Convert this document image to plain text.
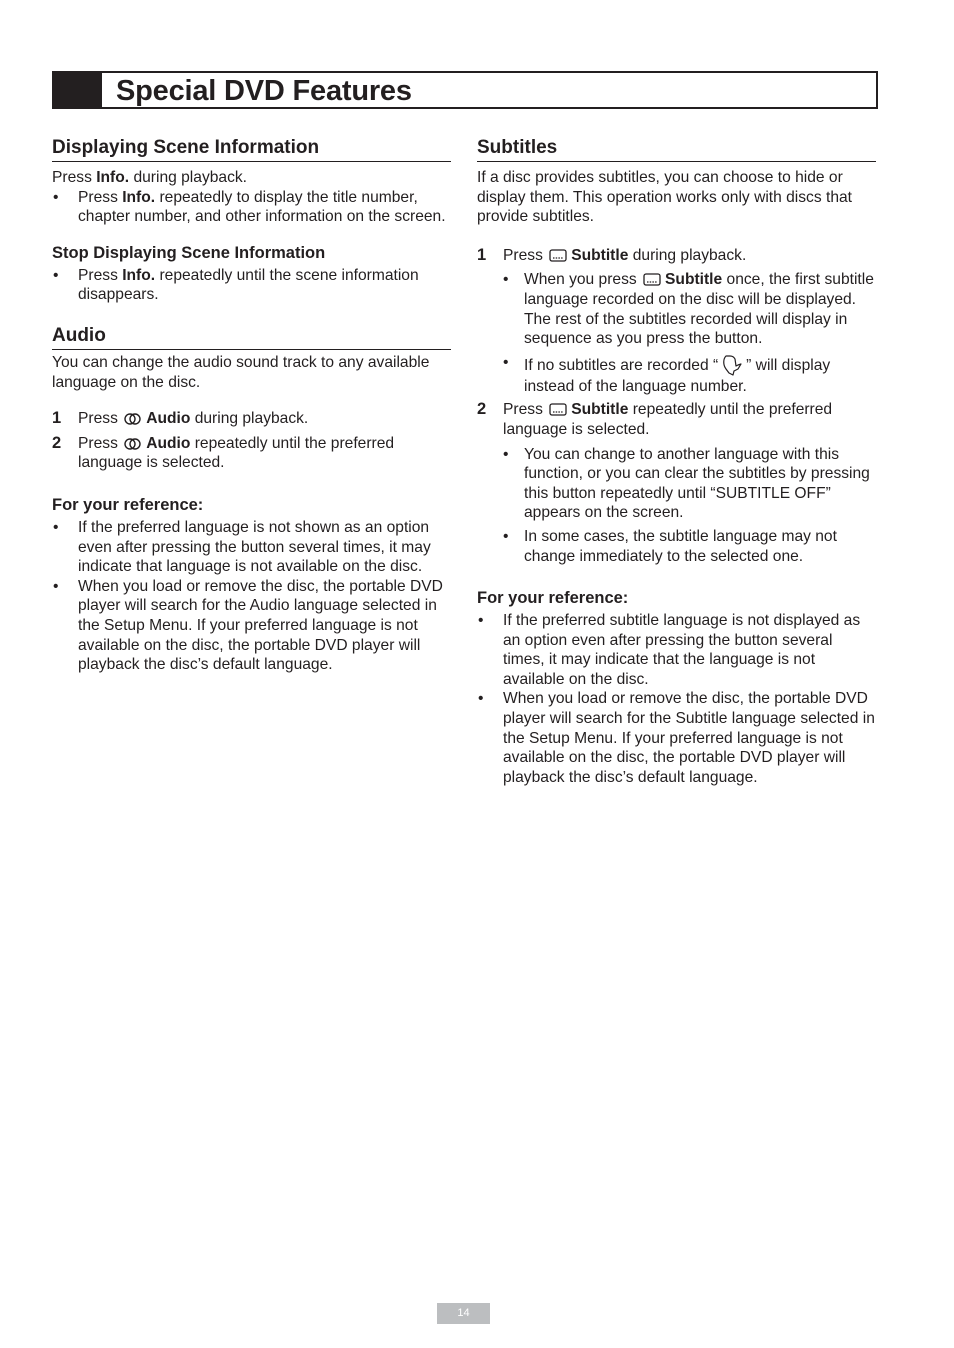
Special DVD Features
Displaying Scene Information

Press Info. during playback.

• Press Info. repeatedly to display the title number, chapter number, and other information on the screen.

Stop Displaying Scene Information

• Press Info. repeatedly until the scene information disappears.

Audio

You can change the audio sound track to any available language on the disc.

1 Press Audio during playback.

2 Press Audio repeatedly until the preferred language is selected.

For your reference:

• If the preferred language is not shown as an option even after pressing the button several times, it may indicate that language is not available on the disc.

• When you load or remove the disc, the portable DVD player will search for the Audio language selected in the Setup Menu. If your preferred language is not available on the disc, the portable DVD player will playback the disc’s default language.

Subtitles

If a disc provides subtitles, you can choose to hide or display them. This operation works only with discs that provide subtitles.

1 Press Subtitle during playback.

• When you press Subtitle once, the first subtitle language recorded on the disc will be displayed. The rest of the subtitles recorded will display in sequence as you press the button.

• If no subtitles are recorded “ ” will display instead of the language number.

2 Press Subtitle repeatedly until the preferred language is selected.

• You can change to another language with this function, or you can clear the subtitles by pressing this button repeatedly until “SUBTITLE OFF” appears on the screen.

• In some cases, the subtitle language may not change immediately to the selected one.

For your reference:

• If the preferred subtitle language is not displayed as an option even after pressing the button several times, it may indicate that the language is not available on the disc.

• When you load or remove the disc, the portable DVD player will search for the Subtitle language selected in the Setup Menu. If your preferred language is not available on the disc, the portable DVD player will playback the disc’s default language.

14
